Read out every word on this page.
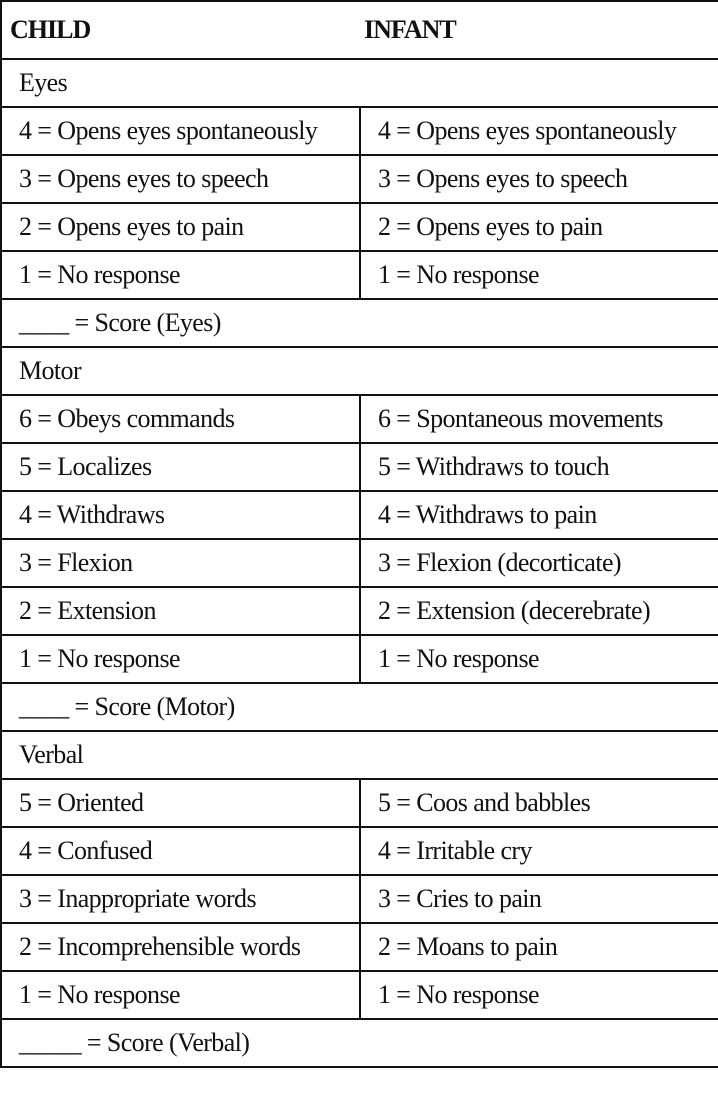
CHILD	INFANT
Eyes	
4 = Opens eyes spontaneously	4 = Opens eyes spontaneously
3 = Opens eyes to speech	3 = Opens eyes to speech
2 = Opens eyes to pain	2 = Opens eyes to pain
1 = No response	1 = No response
____ = Score (Eyes)	
Motor	
6 = Obeys commands	6 = Spontaneous movements
5 = Localizes	5 = Withdraws to touch
4 = Withdraws	4 = Withdraws to pain
3 = Flexion	3 = Flexion (decorticate)
2 = Extension	2 = Extension (decerebrate)
1 = No response	1 = No response
____ = Score (Motor)	
Verbal	
5 = Oriented	5 = Coos and babbles
4 = Confused	4 = Irritable cry
3 = Inappropriate words	3 = Cries to pain
2 = Incomprehensible words	2 = Moans to pain
1 = No response	1 = No response
_____ = Score (Verbal)	
